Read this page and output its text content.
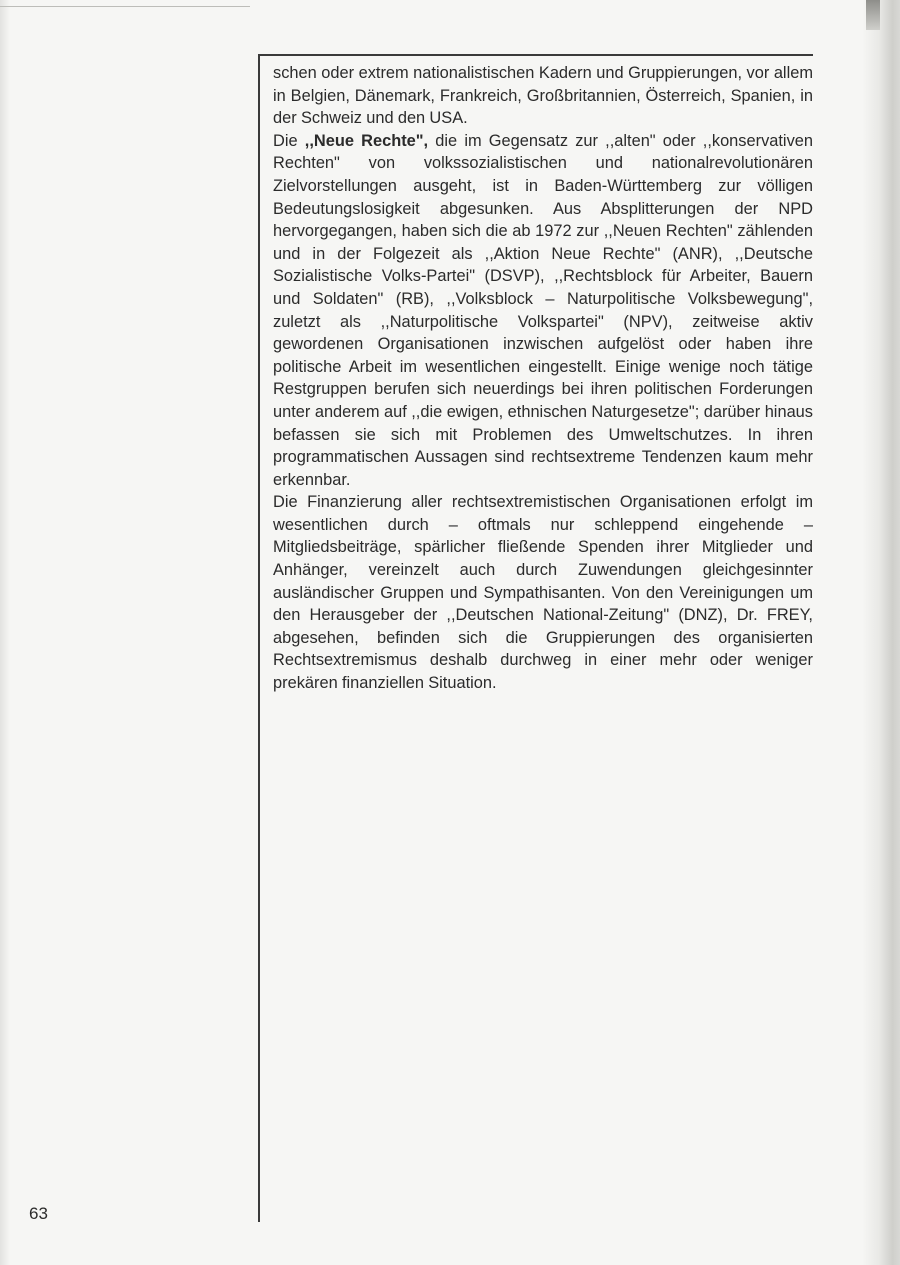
schen oder extrem nationalistischen Kadern und Gruppierungen, vor allem in Belgien, Dänemark, Frankreich, Großbritannien, Österreich, Spanien, in der Schweiz und den USA.

Die ,,Neue Rechte", die im Gegensatz zur ,,alten" oder ,,konservativen Rechten" von volkssozialistischen und nationalrevolutionären Zielvorstellungen ausgeht, ist in Baden-Württemberg zur völligen Bedeutungslosigkeit abgesunken. Aus Absplitterungen der NPD hervorgegangen, haben sich die ab 1972 zur ,,Neuen Rechten" zählenden und in der Folgezeit als ,,Aktion Neue Rechte" (ANR), ,,Deutsche Sozialistische Volks-Partei" (DSVP), ,,Rechtsblock für Arbeiter, Bauern und Soldaten" (RB), ,,Volksblock – Naturpolitische Volksbewegung", zuletzt als ,,Naturpolitische Volkspartei" (NPV), zeitweise aktiv gewordenen Organisationen inzwischen aufgelöst oder haben ihre politische Arbeit im wesentlichen eingestellt. Einige wenige noch tätige Restgruppen berufen sich neuerdings bei ihren politischen Forderungen unter anderem auf ,,die ewigen, ethnischen Naturgesetze"; darüber hinaus befassen sie sich mit Problemen des Umweltschutzes. In ihren programmatischen Aussagen sind rechtsextreme Tendenzen kaum mehr erkennbar.

Die Finanzierung aller rechtsextremistischen Organisationen erfolgt im wesentlichen durch – oftmals nur schleppend eingehende – Mitgliedsbeiträge, spärlicher fließende Spenden ihrer Mitglieder und Anhänger, vereinzelt auch durch Zuwendungen gleichgesinnter ausländischer Gruppen und Sympathisanten. Von den Vereinigungen um den Herausgeber der ,,Deutschen National-Zeitung" (DNZ), Dr. FREY, abgesehen, befinden sich die Gruppierungen des organisierten Rechtsextremismus deshalb durchweg in einer mehr oder weniger prekären finanziellen Situation.

63
